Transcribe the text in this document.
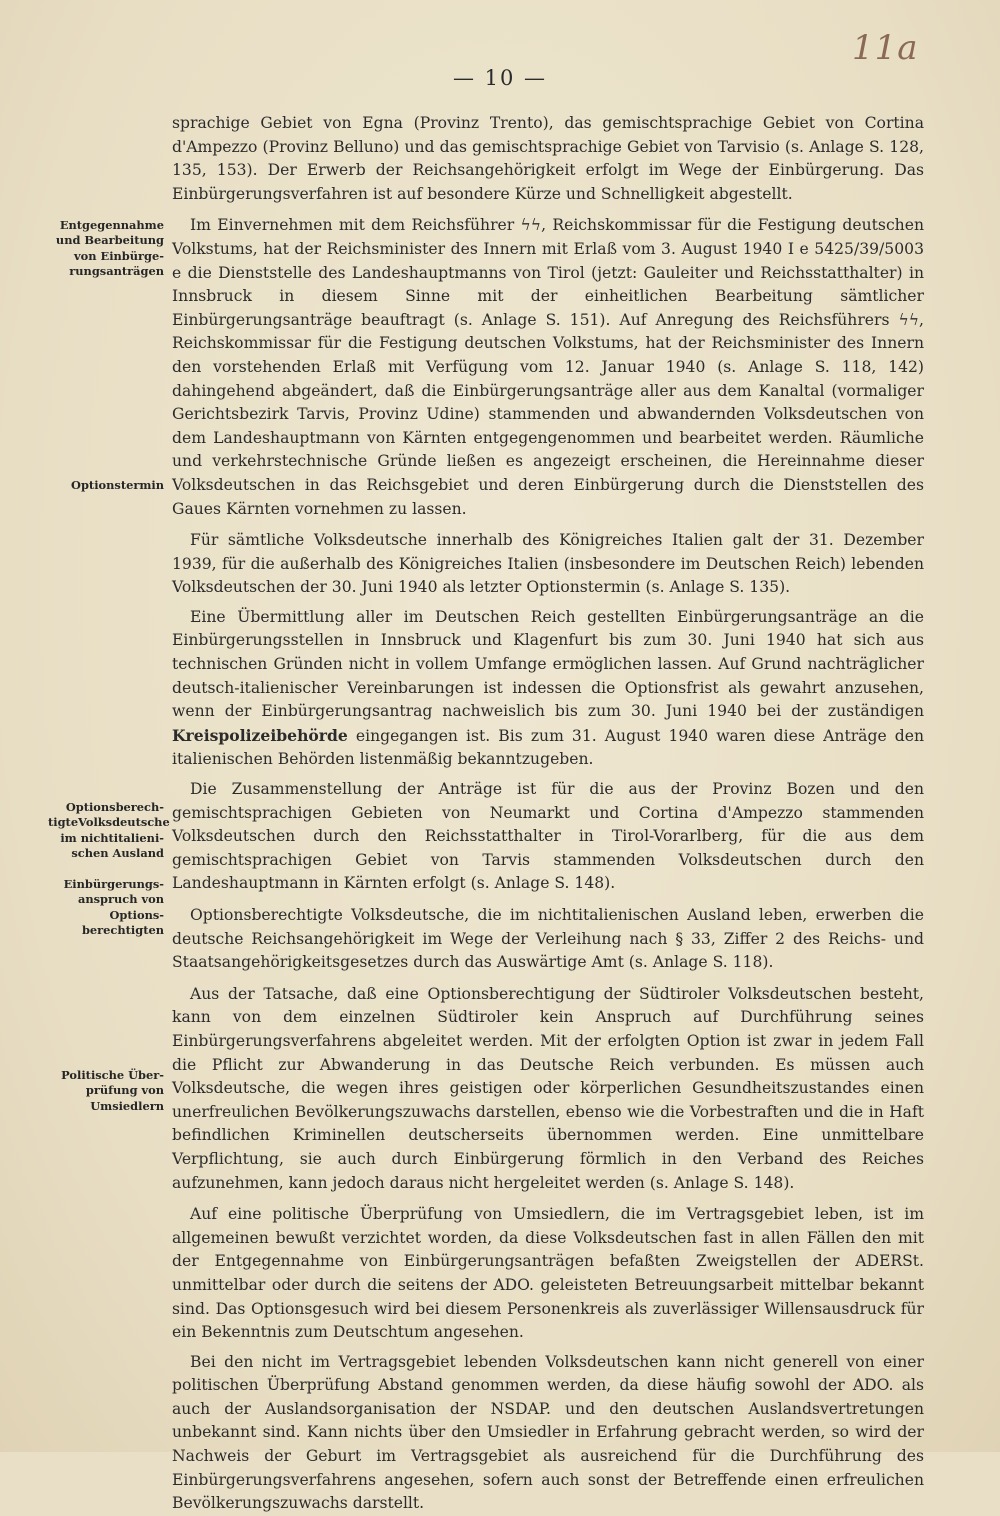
11a
— 10 —
Entgegennahme und Bearbeitung von Einbürge-rungsanträgen
Optionstermin
Optionsberech-tigteVolksdeutsche im nichtitalieni-schen Ausland
Einbürgerungs-anspruch von Options-berechtigten
Politische Über-prüfung von Umsiedlern

sprachige Gebiet von Egna (Provinz Trento), das gemischtsprachige Gebiet von Cortina d'Ampezzo (Provinz Belluno) und das gemischtsprachige Gebiet von Tarvisio (s. Anlage S. 128, 135, 153). Der Erwerb der Reichsangehörigkeit erfolgt im Wege der Einbürgerung. Das Einbürgerungsverfahren ist auf besondere Kürze und Schnelligkeit abgestellt.

Im Einvernehmen mit dem Reichsführer ϟϟ, Reichskommissar für die Festigung deutschen Volkstums, hat der Reichsminister des Innern mit Erlaß vom 3. August 1940 I e 5425/39/5003 e die Dienststelle des Landeshauptmanns von Tirol (jetzt: Gauleiter und Reichsstatthalter) in Innsbruck in diesem Sinne mit der einheitlichen Bearbeitung sämtlicher Einbürgerungsanträge beauftragt (s. Anlage S. 151). Auf Anregung des Reichsführers ϟϟ, Reichskommissar für die Festigung deutschen Volkstums, hat der Reichsminister des Innern den vorstehenden Erlaß mit Verfügung vom 12. Januar 1940 (s. Anlage S. 118, 142) dahingehend abgeändert, daß die Einbürgerungsanträge aller aus dem Kanaltal (vormaliger Gerichtsbezirk Tarvis, Provinz Udine) stammenden und abwandernden Volksdeutschen von dem Landeshauptmann von Kärnten entgegengenommen und bearbeitet werden. Räumliche und verkehrstechnische Gründe ließen es angezeigt erscheinen, die Hereinnahme dieser Volksdeutschen in das Reichsgebiet und deren Einbürgerung durch die Dienststellen des Gaues Kärnten vornehmen zu lassen.

Für sämtliche Volksdeutsche innerhalb des Königreiches Italien galt der 31. Dezember 1939, für die außerhalb des Königreiches Italien (insbesondere im Deutschen Reich) lebenden Volksdeutschen der 30. Juni 1940 als letzter Optionstermin (s. Anlage S. 135).

Eine Übermittlung aller im Deutschen Reich gestellten Einbürgerungsanträge an die Einbürgerungsstellen in Innsbruck und Klagenfurt bis zum 30. Juni 1940 hat sich aus technischen Gründen nicht in vollem Umfange ermöglichen lassen. Auf Grund nachträglicher deutsch-italienischer Vereinbarungen ist indessen die Optionsfrist als gewahrt anzusehen, wenn der Einbürgerungsantrag nachweislich bis zum 30. Juni 1940 bei der zuständigen Kreispolizeibehörde eingegangen ist. Bis zum 31. August 1940 waren diese Anträge den italienischen Behörden listenmäßig bekanntzugeben.

Die Zusammenstellung der Anträge ist für die aus der Provinz Bozen und den gemischtsprachigen Gebieten von Neumarkt und Cortina d'Ampezzo stammenden Volksdeutschen durch den Reichsstatthalter in Tirol-Vorarlberg, für die aus dem gemischtsprachigen Gebiet von Tarvis stammenden Volksdeutschen durch den Landeshauptmann in Kärnten erfolgt (s. Anlage S. 148).

Optionsberechtigte Volksdeutsche, die im nichtitalienischen Ausland leben, erwerben die deutsche Reichsangehörigkeit im Wege der Verleihung nach § 33, Ziffer 2 des Reichs- und Staatsangehörigkeitsgesetzes durch das Auswärtige Amt (s. Anlage S. 118).

Aus der Tatsache, daß eine Optionsberechtigung der Südtiroler Volksdeutschen besteht, kann von dem einzelnen Südtiroler kein Anspruch auf Durchführung seines Einbürgerungsverfahrens abgeleitet werden. Mit der erfolgten Option ist zwar in jedem Fall die Pflicht zur Abwanderung in das Deutsche Reich verbunden. Es müssen auch Volksdeutsche, die wegen ihres geistigen oder körperlichen Gesundheitszustandes einen unerfreulichen Bevölkerungszuwachs darstellen, ebenso wie die Vorbestraften und die in Haft befindlichen Kriminellen deutscherseits übernommen werden. Eine unmittelbare Verpflichtung, sie auch durch Einbürgerung förmlich in den Verband des Reiches aufzunehmen, kann jedoch daraus nicht hergeleitet werden (s. Anlage S. 148).

Auf eine politische Überprüfung von Umsiedlern, die im Vertragsgebiet leben, ist im allgemeinen bewußt verzichtet worden, da diese Volksdeutschen fast in allen Fällen den mit der Entgegennahme von Einbürgerungsanträgen befaßten Zweigstellen der ADERSt. unmittelbar oder durch die seitens der ADO. geleisteten Betreuungsarbeit mittelbar bekannt sind. Das Optionsgesuch wird bei diesem Personenkreis als zuverlässiger Willensausdruck für ein Bekenntnis zum Deutschtum angesehen.

Bei den nicht im Vertragsgebiet lebenden Volksdeutschen kann nicht generell von einer politischen Überprüfung Abstand genommen werden, da diese häufig sowohl der ADO. als auch der Auslandsorganisation der NSDAP. und den deutschen Auslandsvertretungen unbekannt sind. Kann nichts über den Umsiedler in Erfahrung gebracht werden, so wird der Nachweis der Geburt im Vertragsgebiet als ausreichend für die Durchführung des Einbürgerungsverfahrens angesehen, sofern auch sonst der Betreffende einen erfreulichen Bevölkerungszuwachs darstellt.
